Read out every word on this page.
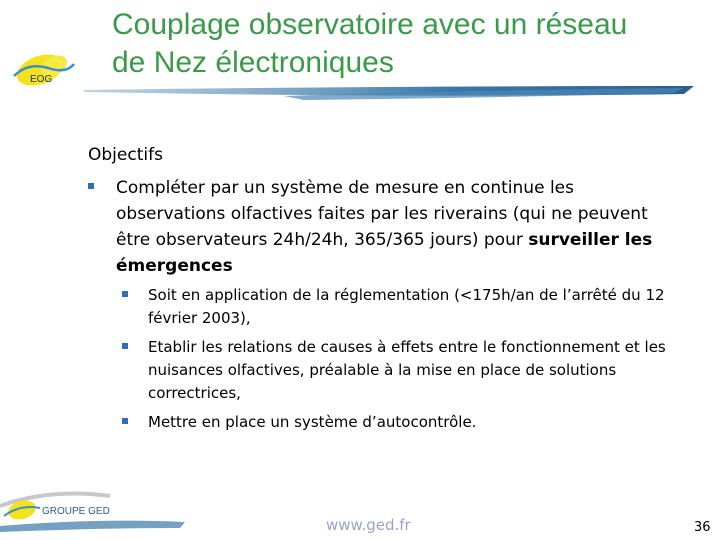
EOG
Couplage observatoire avec un réseau
de Nez électroniques
Objectifs
Compléter par un système de mesure en continue les observations olfactives faites par les riverains (qui ne peuvent être observateurs 24h/24h, 365/365 jours) pour surveiller les émergences
Soit en application de la réglementation (<175h/an de l’arrêté du 12 février 2003),
Etablir les relations de causes à effets entre le fonctionnement et les nuisances olfactives, préalable à la mise en place de solutions correctrices,
Mettre en place un système d’autocontrôle.
GROUPE GED
www.ged.fr	36
